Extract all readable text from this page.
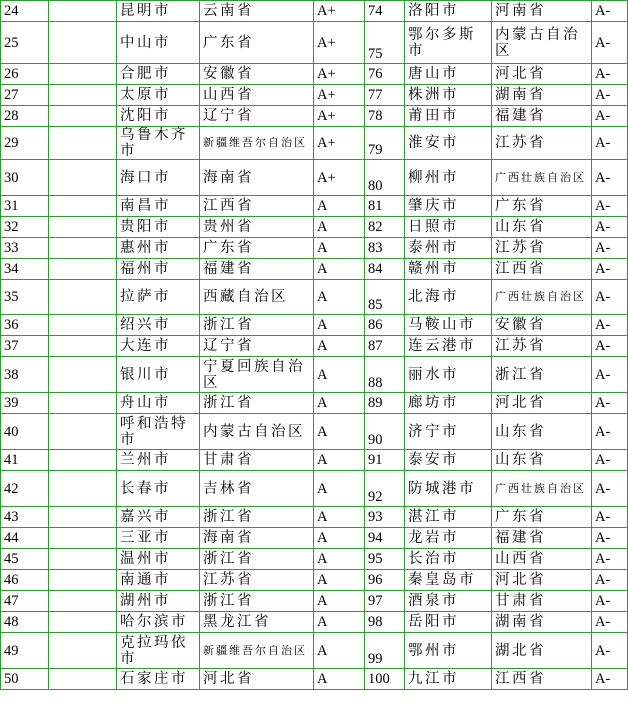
24		昆明市	云南省	A+	74	洛阳市	河南省	A-
25		中山市	广东省	A+	75	鄂尔多斯市	内蒙古自治区	A-
26		合肥市	安徽省	A+	76	唐山市	河北省	A-
27		太原市	山西省	A+	77	株洲市	湖南省	A-
28		沈阳市	辽宁省	A+	78	莆田市	福建省	A-
29		乌鲁木齐市	新疆维吾尔自治区	A+	79	淮安市	江苏省	A-
30		海口市	海南省	A+	80	柳州市	广西壮族自治区	A-
31		南昌市	江西省	A	81	肇庆市	广东省	A-
32		贵阳市	贵州省	A	82	日照市	山东省	A-
33		惠州市	广东省	A	83	泰州市	江苏省	A-
34		福州市	福建省	A	84	赣州市	江西省	A-
35		拉萨市	西藏自治区	A	85	北海市	广西壮族自治区	A-
36		绍兴市	浙江省	A	86	马鞍山市	安徽省	A-
37		大连市	辽宁省	A	87	连云港市	江苏省	A-
38		银川市	宁夏回族自治区	A	88	丽水市	浙江省	A-
39		舟山市	浙江省	A	89	廊坊市	河北省	A-
40		呼和浩特市	内蒙古自治区	A	90	济宁市	山东省	A-
41		兰州市	甘肃省	A	91	泰安市	山东省	A-
42		长春市	吉林省	A	92	防城港市	广西壮族自治区	A-
43		嘉兴市	浙江省	A	93	湛江市	广东省	A-
44		三亚市	海南省	A	94	龙岩市	福建省	A-
45		温州市	浙江省	A	95	长治市	山西省	A-
46		南通市	江苏省	A	96	秦皇岛市	河北省	A-
47		湖州市	浙江省	A	97	酒泉市	甘肃省	A-
48		哈尔滨市	黑龙江省	A	98	岳阳市	湖南省	A-
49		克拉玛依市	新疆维吾尔自治区	A	99	鄂州市	湖北省	A-
50		石家庄市	河北省	A	100	九江市	江西省	A-
